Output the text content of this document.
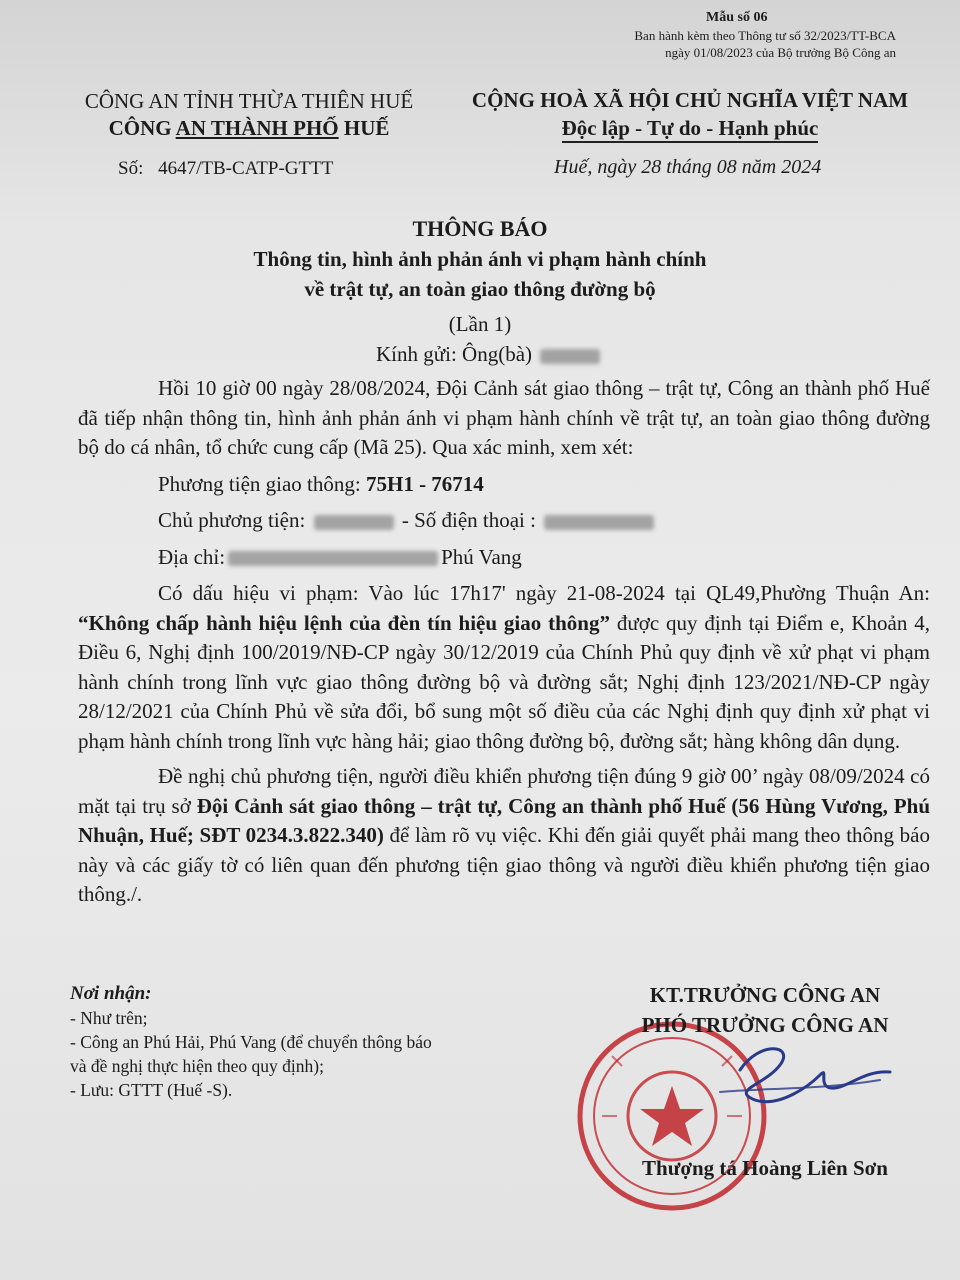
Mẫu số 06
Ban hành kèm theo Thông tư số 32/2023/TT-BCA
ngày 01/08/2023 của Bộ trưởng Bộ Công an
CÔNG AN TỈNH THỪA THIÊN HUẾ
CÔNG AN THÀNH PHỐ HUẾ
CỘNG HOÀ XÃ HỘI CHỦ NGHĨA VIỆT NAM
Độc lập - Tự do - Hạnh phúc
Số: 4647/TB-CATP-GTTT	Huế, ngày 28 tháng 08 năm 2024
THÔNG BÁO
Thông tin, hình ảnh phản ánh vi phạm hành chính
về trật tự, an toàn giao thông đường bộ
(Lần 1)
Kính gửi: Ông(bà)

Hồi 10 giờ 00 ngày 28/08/2024, Đội Cảnh sát giao thông – trật tự, Công an thành phố Huế đã tiếp nhận thông tin, hình ảnh phản ánh vi phạm hành chính về trật tự, an toàn giao thông đường bộ do cá nhân, tổ chức cung cấp (Mã 25). Qua xác minh, xem xét:

Phương tiện giao thông: 75H1 - 76714

Chủ phương tiện:	- Số điện thoại :

Địa chỉ:	Phú Vang

Có dấu hiệu vi phạm: Vào lúc 17h17' ngày 21-08-2024 tại QL49,Phường Thuận An: “Không chấp hành hiệu lệnh của đèn tín hiệu giao thông” được quy định tại Điểm e, Khoản 4, Điều 6, Nghị định 100/2019/NĐ-CP ngày 30/12/2019 của Chính Phủ quy định về xử phạt vi phạm hành chính trong lĩnh vực giao thông đường bộ và đường sắt; Nghị định 123/2021/NĐ-CP ngày 28/12/2021 của Chính Phủ về sửa đổi, bổ sung một số điều của các Nghị định quy định xử phạt vi phạm hành chính trong lĩnh vực hàng hải; giao thông đường bộ, đường sắt; hàng không dân dụng.

Đề nghị chủ phương tiện, người điều khiển phương tiện đúng 9 giờ 00’ ngày 08/09/2024 có mặt tại trụ sở Đội Cảnh sát giao thông – trật tự, Công an thành phố Huế (56 Hùng Vương, Phú Nhuận, Huế; SĐT 0234.3.822.340) để làm rõ vụ việc. Khi đến giải quyết phải mang theo thông báo này và các giấy tờ có liên quan đến phương tiện giao thông và người điều khiển phương tiện giao thông./.

Nơi nhận:
- Như trên;
- Công an Phú Hải, Phú Vang (để chuyển thông báo
và đề nghị thực hiện theo quy định);
- Lưu: GTTT (Huế -S).
KT.TRƯỞNG CÔNG AN
PHÓ TRƯỞNG CÔNG AN
Thượng tá Hoàng Liên Sơn
